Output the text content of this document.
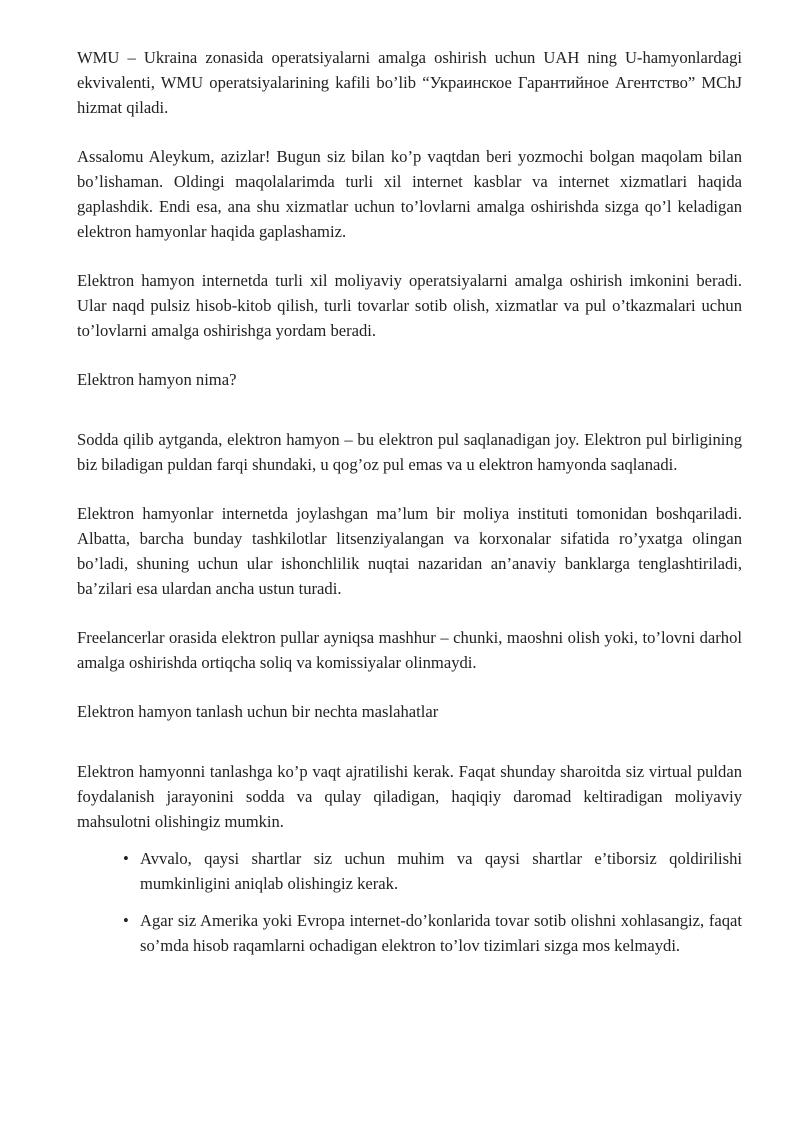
WMU – Ukraina zonasida operatsiyalarni amalga oshirish uchun UAH ning U-hamyonlardagi ekvivalenti, WMU operatsiyalarining kafili bo’lib “Украинское Гарантийное Агентство” MChJ hizmat qiladi.

Assalomu Aleykum, azizlar! Bugun siz bilan ko’p vaqtdan beri yozmochi bolgan maqolam bilan bo’lishaman. Oldingi maqolalarimda turli xil internet kasblar va internet xizmatlari haqida gaplashdik. Endi esa, ana shu xizmatlar uchun to’lovlarni amalga oshirishda sizga qo’l keladigan elektron hamyonlar haqida gaplashamiz.

Elektron hamyon internetda turli xil moliyaviy operatsiyalarni amalga oshirish imkonini beradi. Ular naqd pulsiz hisob-kitob qilish, turli tovarlar sotib olish, xizmatlar va pul o’tkazmalari uchun to’lovlarni amalga oshirishga yordam beradi.

Elektron hamyon nima?

Sodda qilib aytganda, elektron hamyon – bu elektron pul saqlanadigan joy. Elektron pul birligining biz biladigan puldan farqi shundaki, u qog’oz pul emas va u elektron hamyonda saqlanadi.

Elektron hamyonlar internetda joylashgan ma’lum bir moliya instituti tomonidan boshqariladi. Albatta, barcha bunday tashkilotlar litsenziyalangan va korxonalar sifatida ro’yxatga olingan bo’ladi, shuning uchun ular ishonchlilik nuqtai nazaridan an’anaviy banklarga tenglashtiriladi, ba’zilari esa ulardan ancha ustun turadi.

Freelancerlar orasida elektron pullar ayniqsa mashhur – chunki, maoshni olish yoki, to’lovni darhol amalga oshirishda ortiqcha soliq va komissiyalar olinmaydi.

Elektron hamyon tanlash uchun bir nechta maslahatlar

Elektron hamyonni tanlashga ko’p vaqt ajratilishi kerak. Faqat shunday sharoitda siz virtual puldan foydalanish jarayonini sodda va qulay qiladigan, haqiqiy daromad keltiradigan moliyaviy mahsulotni olishingiz mumkin.

• Avvalo, qaysi shartlar siz uchun muhim va qaysi shartlar e’tiborsiz qoldirilishi mumkinligini aniqlab olishingiz kerak.
• Agar siz Amerika yoki Evropa internet-do’konlarida tovar sotib olishni xohlasangiz, faqat so’mda hisob raqamlarni ochadigan elektron to’lov tizimlari sizga mos kelmaydi.
